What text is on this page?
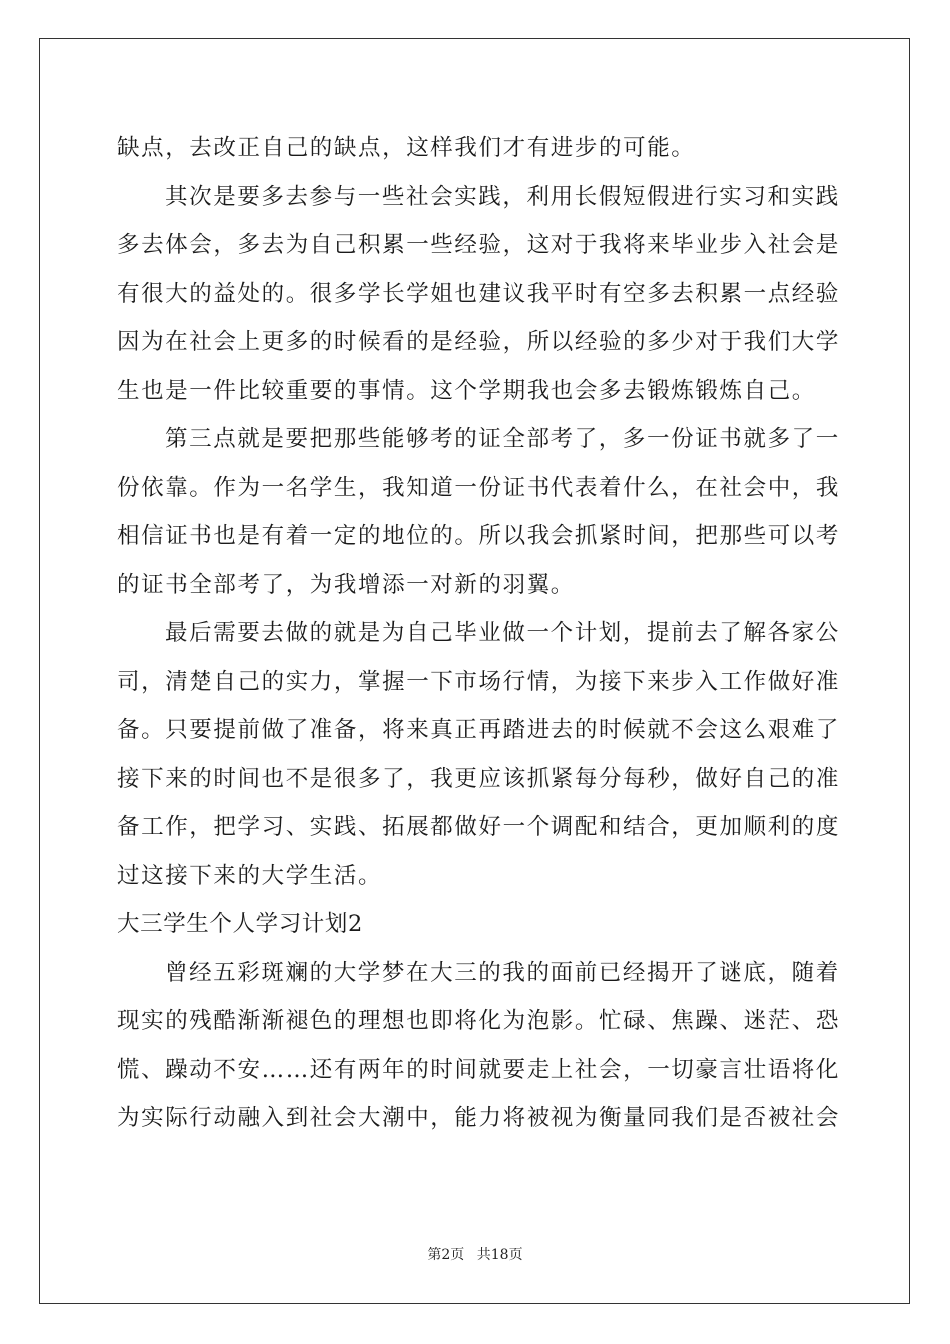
缺点，去改正自己的缺点，这样我们才有进步的可能。
其次是要多去参与一些社会实践，利用长假短假进行实习和实践
多去体会，多去为自己积累一些经验，这对于我将来毕业步入社会是
有很大的益处的。很多学长学姐也建议我平时有空多去积累一点经验
因为在社会上更多的时候看的是经验，所以经验的多少对于我们大学
生也是一件比较重要的事情。这个学期我也会多去锻炼锻炼自己。
第三点就是要把那些能够考的证全部考了，多一份证书就多了一
份依靠。作为一名学生，我知道一份证书代表着什么，在社会中，我
相信证书也是有着一定的地位的。所以我会抓紧时间，把那些可以考
的证书全部考了，为我增添一对新的羽翼。
最后需要去做的就是为自己毕业做一个计划，提前去了解各家公
司，清楚自己的实力，掌握一下市场行情，为接下来步入工作做好准
备。只要提前做了准备，将来真正再踏进去的时候就不会这么艰难了
接下来的时间也不是很多了，我更应该抓紧每分每秒，做好自己的准
备工作，把学习、实践、拓展都做好一个调配和结合，更加顺利的度
过这接下来的大学生活。
大三学生个人学习计划2
曾经五彩斑斓的大学梦在大三的我的面前已经揭开了谜底，随着
现实的残酷渐渐褪色的理想也即将化为泡影。忙碌、焦躁、迷茫、恐
慌、躁动不安……还有两年的时间就要走上社会，一切豪言壮语将化
为实际行动融入到社会大潮中，能力将被视为衡量同我们是否被社会
第2页 共18页
